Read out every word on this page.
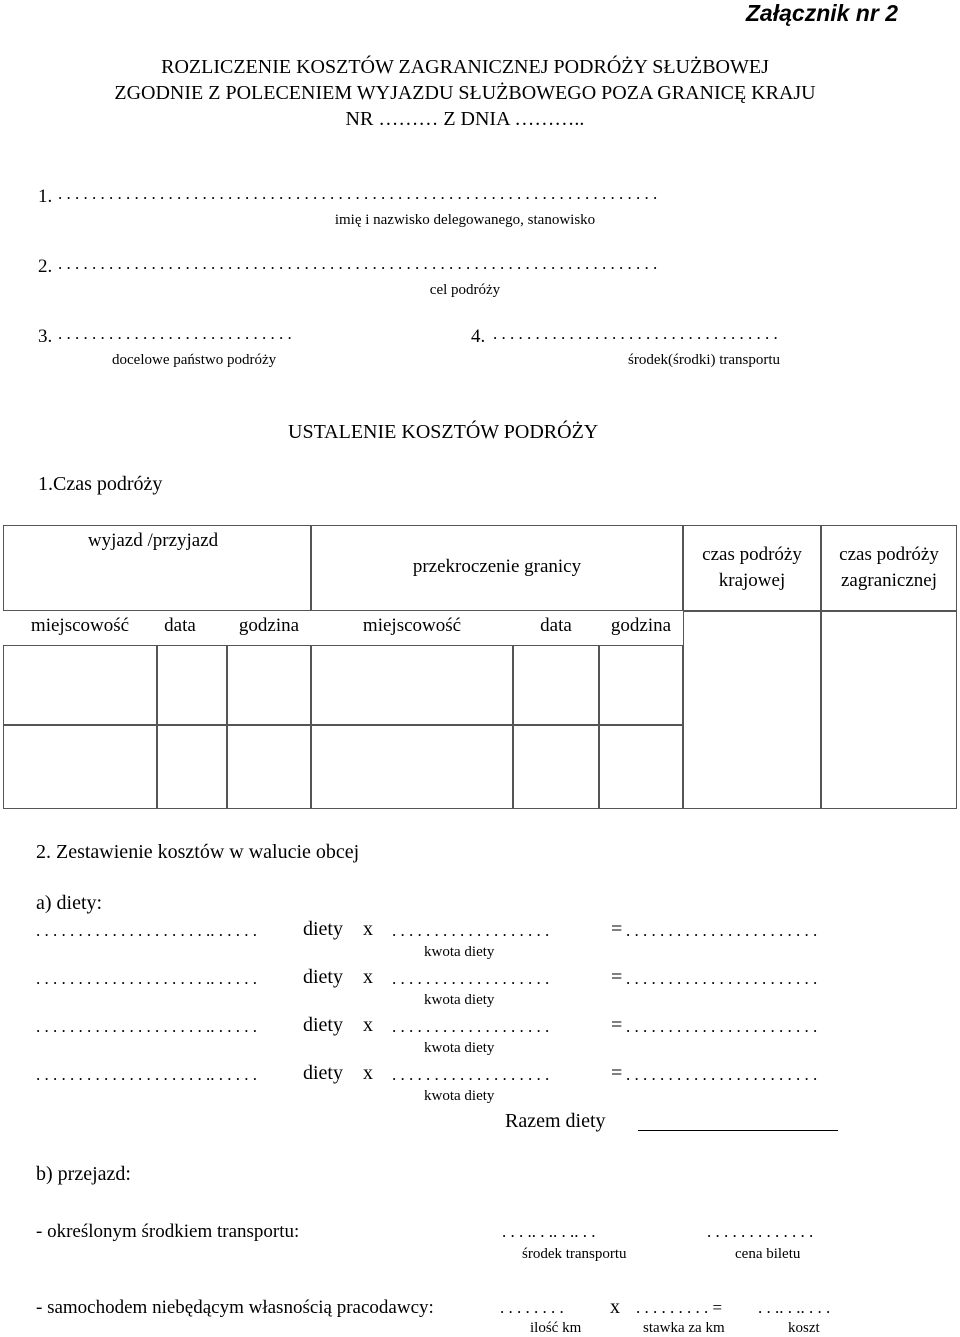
Załącznik nr 2
ROZLICZENIE KOSZTÓW ZAGRANICZNEJ PODRÓŻY SŁUŻBOWEJ
ZGODNIE Z POLECENIEM WYJAZDU SŁUŻBOWEGO POZA GRANICĘ KRAJU
NR ……… Z DNIA ………..
1. . . . . . . . . . . . . . . . . . . . . . . . . . . . . . . . . . . . . . . . . . . . . . . . . . . . . . . . . . . . . . . . . . . . . . . .
imię i nazwisko delegowanego, stanowisko
2. . . . . . . . . . . . . . . . . . . . . . . . . . . . . . . . . . . . . . . . . . . . . . . . . . . . . . . . . . . . . . . . . . . . . . . .
cel podróży
3. . . . . . . . . . . . . . . . . . . . . . . . . . . . .
docelowe państwo podróży
4. . . . . . . . . . . . . . . . . . . . . . . . . . . . . . . . . . .
środek(środki) transportu
USTALENIE KOSZTÓW PODRÓŻY
1.Czas podróży
wyjazd /przyjazd
przekroczenie granicy
czas podróży
krajowej
czas podróży
zagranicznej
miejscowość	data	godzina	miejscowość	data	godzina
2. Zestawienie kosztów w walucie obcej
a) diety:
. . . . . . . . . . . . . . . . . . . . .. . . . . . diety x . . . . . . . . . . . . . . . . . . .	= . . . . . . . . . . . . . . . . . . . . . . .
kwota diety
. . . . . . . . . . . . . . . . . . . . .. . . . . . diety x . . . . . . . . . . . . . . . . . . .	= . . . . . . . . . . . . . . . . . . . . . . .
kwota diety
. . . . . . . . . . . . . . . . . . . . .. . . . . . diety x . . . . . . . . . . . . . . . . . . .	= . . . . . . . . . . . . . . . . . . . . . . .
kwota diety
. . . . . . . . . . . . . . . . . . . . .. . . . . . diety x . . . . . . . . . . . . . . . . . . .	= . . . . . . . . . . . . . . . . . . . . . . .
kwota diety
Razem diety
b) przejazd:
- określonym środkiem transportu:	. . . .. . .. . .. . .	. . . . . . . . . . . . .
środek transportu	cena biletu
- samochodem niebędącym własnością pracodawcy:	. . . . . . . . x . . . . . . . . . = . . .. . .. . . .
ilość km	stawka za km	koszt
